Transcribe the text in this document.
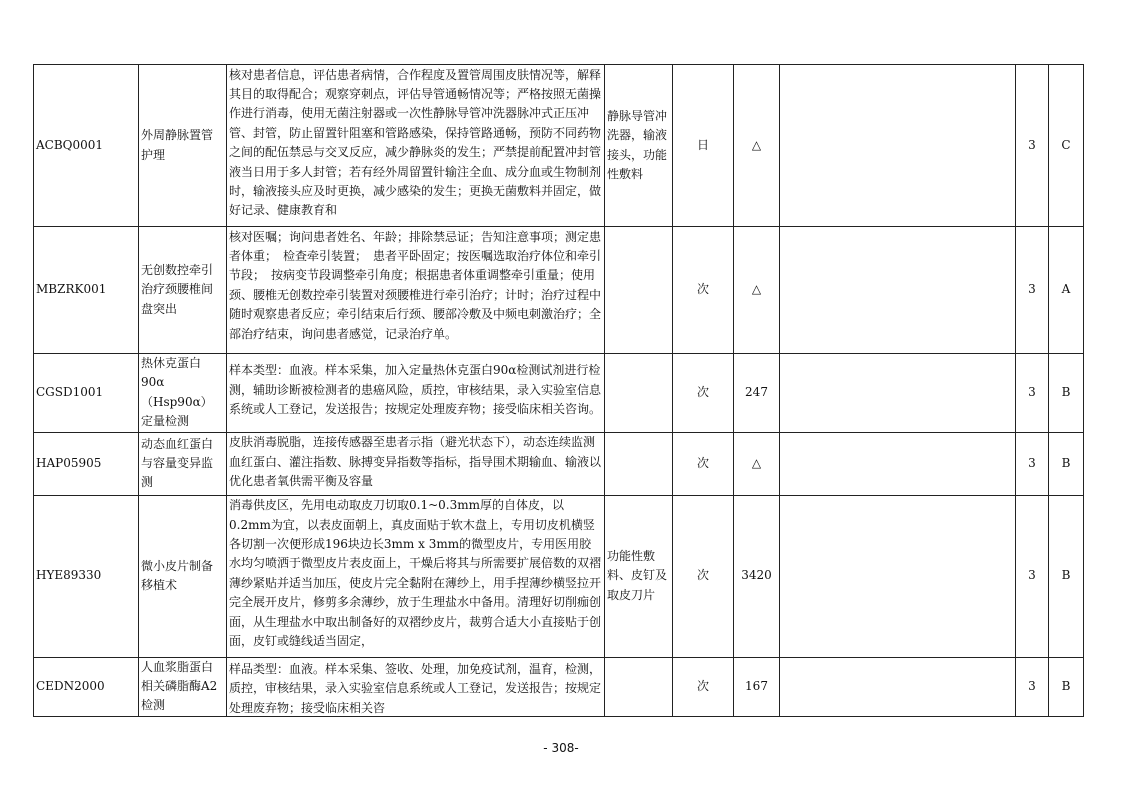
ACBQ0001	外周静脉置管护理	核对患者信息，评估患者病情，合作程度及置管周围皮肤情况等，解释其目的取得配合；观察穿刺点，评估导管通畅情况等；严格按照无菌操作进行消毒，使用无菌注射器或一次性静脉导管冲洗器脉冲式正压冲管、封管，防止留置针阻塞和管路感染，保持管路通畅，预防不同药物之间的配伍禁忌与交叉反应，减少静脉炎的发生；严禁提前配置冲封管液当日用于多人封管；若有经外周留置针输注全血、成分血或生物制剂时，输液接头应及时更换，减少感染的发生；更换无菌敷料并固定，做好记录、健康教育和	静脉导管冲洗器，输液接头，功能性敷料	日	△		3	C
MBZRK001	无创数控牵引治疗颈腰椎间盘突出	核对医嘱；询问患者姓名、年龄；排除禁忌证；告知注意事项；测定患者体重；　检查牵引装置；　患者平卧固定；按医嘱选取治疗体位和牵引节段；　按病变节段调整牵引角度；根据患者体重调整牵引重量；使用颈、腰椎无创数控牵引装置对颈腰椎进行牵引治疗；计时；治疗过程中随时观察患者反应；牵引结束后行颈、腰部冷敷及中频电刺激治疗；全部治疗结束，询问患者感觉，记录治疗单。		次	△		3	A
CGSD1001	热休克蛋白90α（Hsp90α）定量检测	样本类型：血液。样本采集，加入定量热休克蛋白90α检测试剂进行检测，辅助诊断被检测者的患癌风险，质控，审核结果，录入实验室信息系统或人工登记，发送报告；按规定处理废弃物；接受临床相关咨询。		次	247		3	B
HAP05905	动态血红蛋白与容量变异监测	皮肤消毒脱脂，连接传感器至患者示指（避光状态下），动态连续监测血红蛋白、灌注指数、脉搏变异指数等指标，指导围术期输血、输液以优化患者氧供需平衡及容量		次	△		3	B
HYE89330	微小皮片制备移植术	消毒供皮区，先用电动取皮刀切取0.1~0.3mm厚的自体皮，以0.2mm为宜，以表皮面朝上，真皮面贴于软木盘上，专用切皮机横竖各切割一次便形成196块边长3mm x 3mm的微型皮片，专用医用胶水均匀喷洒于微型皮片表皮面上，干燥后将其与所需要扩展倍数的双褶薄纱紧贴并适当加压，使皮片完全黏附在薄纱上，用手捏薄纱横竖拉开完全展开皮片，修剪多余薄纱，放于生理盐水中备用。清理好切削痂创面，从生理盐水中取出制备好的双褶纱皮片，裁剪合适大小直接贴于创面，皮钉或缝线适当固定，	功能性敷料、皮钉及取皮刀片	次	3420		3	B
CEDN2000	人血浆脂蛋白相关磷脂酶A2检测	样品类型：血液。样本采集、签收、处理，加免疫试剂，温育，检测，质控，审核结果，录入实验室信息系统或人工登记，发送报告；按规定处理废弃物；接受临床相关咨		次	167		3	B
- 308-
